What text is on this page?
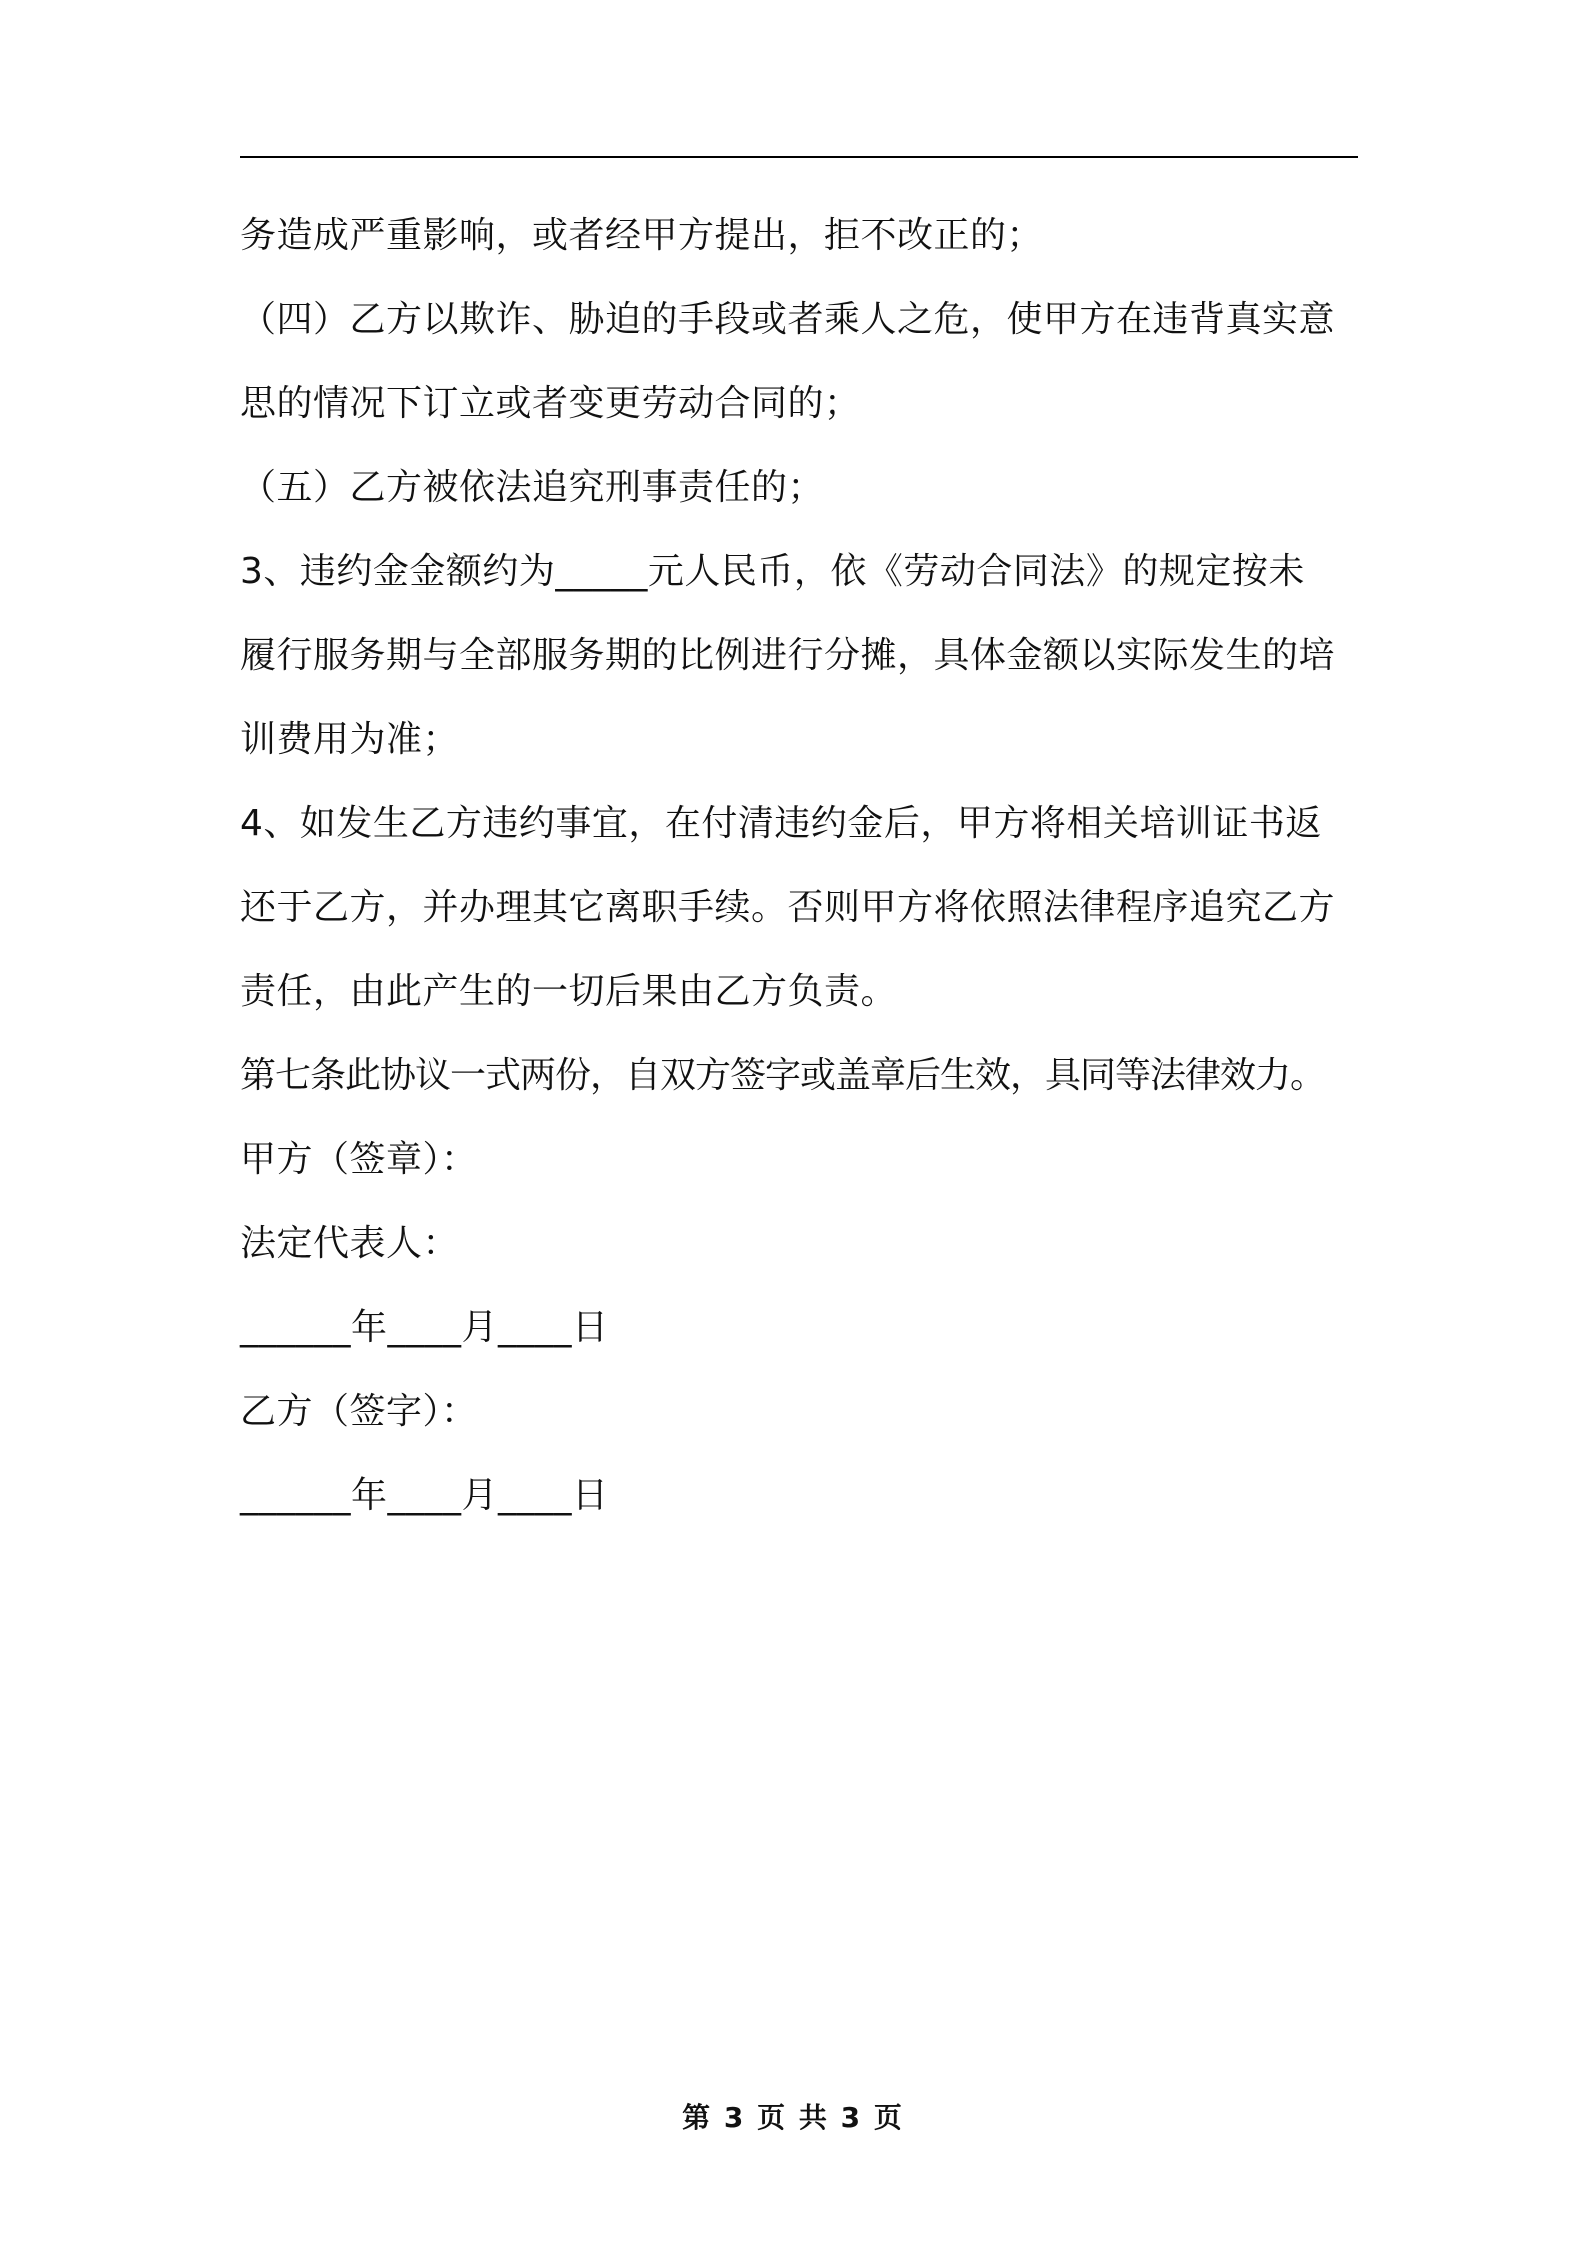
务造成严重影响，或者经甲方提出，拒不改正的；
（四）乙方以欺诈、胁迫的手段或者乘人之危，使甲方在违背真实意
思的情况下订立或者变更劳动合同的；
（五）乙方被依法追究刑事责任的；
3、违约金金额约为_____元人民币，依《劳动合同法》的规定按未
履行服务期与全部服务期的比例进行分摊，具体金额以实际发生的培
训费用为准；
4、如发生乙方违约事宜，在付清违约金后，甲方将相关培训证书返
还于乙方，并办理其它离职手续。否则甲方将依照法律程序追究乙方
责任，由此产生的一切后果由乙方负责。
第七条此协议一式两份，自双方签字或盖章后生效，具同等法律效力。
甲方（签章）：
法定代表人：
______年____月____日
乙方（签字）：
______年____月____日
第 3 页 共 3 页
